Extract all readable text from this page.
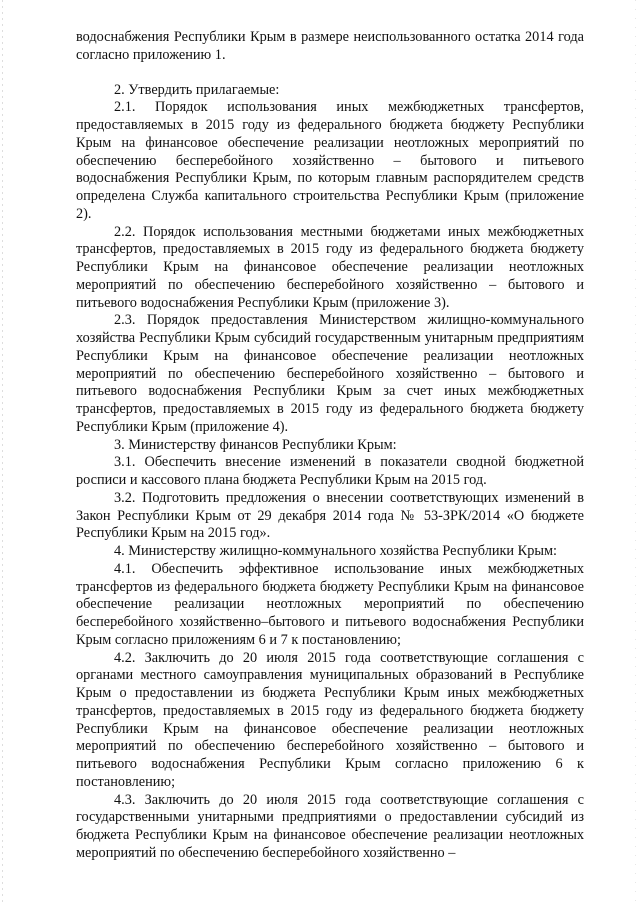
водоснабжения Республики Крым в размере неиспользованного остатка 2014 года согласно приложению 1.

2. Утвердить прилагаемые:

2.1. Порядок использования иных межбюджетных трансфертов, предоставляемых в 2015 году из федерального бюджета бюджету Республики Крым на финансовое обеспечение реализации неотложных мероприятий по обеспечению бесперебойного хозяйственно – бытового и питьевого водоснабжения Республики Крым, по которым главным распорядителем средств определена Служба капитального строительства Республики Крым (приложение 2).

2.2. Порядок использования местными бюджетами иных межбюджетных трансфертов, предоставляемых в 2015 году из федерального бюджета бюджету Республики Крым на финансовое обеспечение реализации неотложных мероприятий по обеспечению бесперебойного хозяйственно – бытового и питьевого водоснабжения Республики Крым (приложение 3).

2.3. Порядок предоставления Министерством жилищно-коммунального хозяйства Республики Крым субсидий государственным унитарным предприятиям Республики Крым на финансовое обеспечение реализации неотложных мероприятий по обеспечению бесперебойного хозяйственно – бытового и питьевого водоснабжения Республики Крым за счет иных межбюджетных трансфертов, предоставляемых в 2015 году из федерального бюджета бюджету Республики Крым (приложение 4).

3. Министерству финансов Республики Крым:

3.1. Обеспечить внесение изменений в показатели сводной бюджетной росписи и кассового плана бюджета Республики Крым на 2015 год.

3.2. Подготовить предложения о внесении соответствующих изменений в Закон Республики Крым от 29 декабря 2014 года № 53-ЗРК/2014 «О бюджете Республики Крым на 2015 год».

4. Министерству жилищно-коммунального хозяйства Республики Крым:

4.1. Обеспечить эффективное использование иных межбюджетных трансфертов из федерального бюджета бюджету Республики Крым на финансовое обеспечение реализации неотложных мероприятий по обеспечению бесперебойного хозяйственно–бытового и питьевого водоснабжения Республики Крым согласно приложениям 6 и 7 к постановлению;

4.2. Заключить до 20 июля 2015 года соответствующие соглашения с органами местного самоуправления муниципальных образований в Республике Крым о предоставлении из бюджета Республики Крым иных межбюджетных трансфертов, предоставляемых в 2015 году из федерального бюджета бюджету Республики Крым на финансовое обеспечение реализации неотложных мероприятий по обеспечению бесперебойного хозяйственно – бытового и питьевого водоснабжения Республики Крым согласно приложению 6 к постановлению;

4.3. Заключить до 20 июля 2015 года соответствующие соглашения с государственными унитарными предприятиями о предоставлении субсидий из бюджета Республики Крым на финансовое обеспечение реализации неотложных мероприятий по обеспечению бесперебойного хозяйственно –
